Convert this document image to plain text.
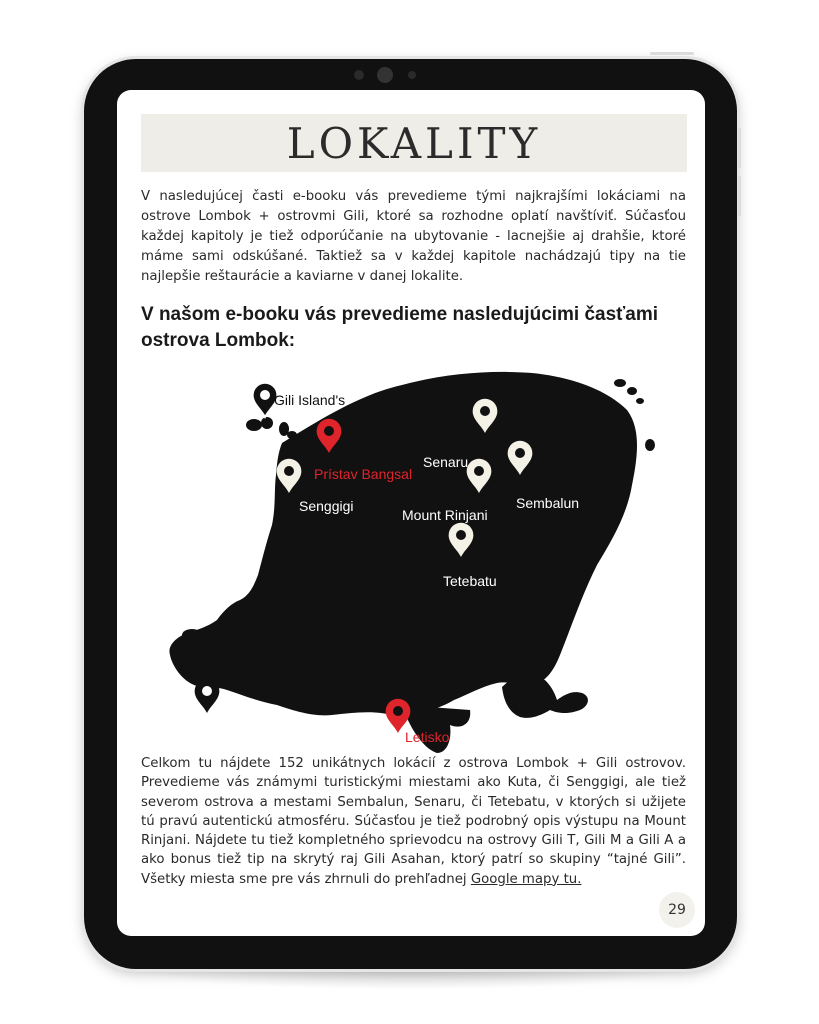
LOKALITY

V nasledujúcej časti e-booku vás prevedieme tými najkrajšími lokáciami na ostrove Lombok + ostrovmi Gili, ktoré sa rozhodne oplatí navštíviť. Súčasťou každej kapitoly je tiež odporúčanie na ubytovanie - lacnejšie aj drahšie, ktoré máme sami odskúšané. Taktiež sa v každej kapitole nachádzajú tipy na tie najlepšie reštaurácie a kaviarne v danej lokalite.

V našom e-booku vás prevedieme nasledujúcimi časťami ostrova Lombok:
Gili Island's
Prístav Bangsal
Senaru
Sembalun
Mount Rinjani
Senggigi
Tetebatu
Secret Gili's
Letisko

Celkom tu nájdete 152 unikátnych lokácií z ostrova Lombok + Gili ostrovov. Prevedieme vás známymi turistickými miestami ako Kuta, či Senggigi, ale tiež severom ostrova a mestami Sembalun, Senaru, či Tetebatu, v ktorých si užijete tú pravú autentickú atmosféru. Súčasťou je tiež podrobný opis výstupu na Mount Rinjani. Nájdete tu tiež kompletného sprievodcu na ostrovy Gili T, Gili M a Gili A a ako bonus tiež tip na skrytý raj Gili Asahan, ktorý patrí so skupiny “tajné Gili”. Všetky miesta sme pre vás zhrnuli do prehľadnej Google mapy tu.

29
